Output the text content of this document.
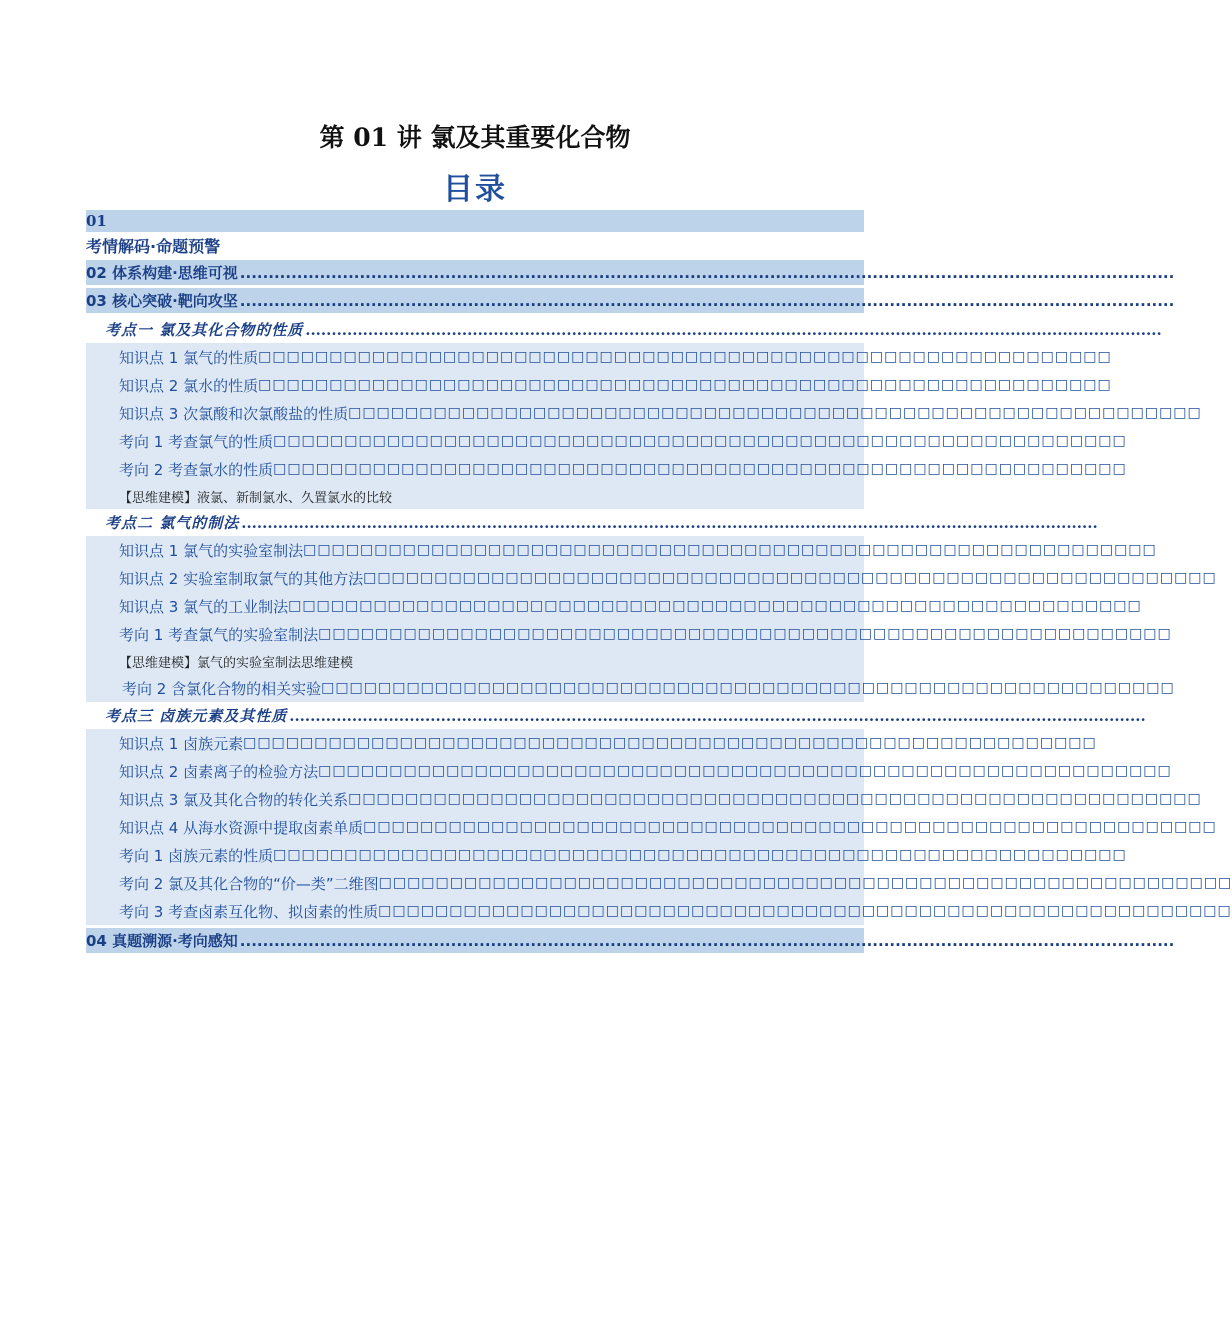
第 01 讲 氯及其重要化合物
目录
01
考情解码·命题预警
02 体系构建·思维可视 ....................................................................................................................................................................
03 核心突破·靶向攻坚 ....................................................................................................................................................................
考点一 氯及其化合物的性质 ....................................................................................................................................................................
知识点 1 氯气的性质 □□□□□□□□□□□□□□□□□□□□□□□□□□□□□□□□□□□□□□□□□□□□□□□□□□□□□□□□□□□□
知识点 2 氯水的性质 □□□□□□□□□□□□□□□□□□□□□□□□□□□□□□□□□□□□□□□□□□□□□□□□□□□□□□□□□□□□
知识点 3 次氯酸和次氯酸盐的性质 □□□□□□□□□□□□□□□□□□□□□□□□□□□□□□□□□□□□□□□□□□□□□□□□□□□□□□□□□□□□
考向 1 考查氯气的性质 □□□□□□□□□□□□□□□□□□□□□□□□□□□□□□□□□□□□□□□□□□□□□□□□□□□□□□□□□□□□
考向 2 考查氯水的性质 □□□□□□□□□□□□□□□□□□□□□□□□□□□□□□□□□□□□□□□□□□□□□□□□□□□□□□□□□□□□
【思维建模】液氯、新制氯水、久置氯水的比较
考点二 氯气的制法 ....................................................................................................................................................................
知识点 1 氯气的实验室制法 □□□□□□□□□□□□□□□□□□□□□□□□□□□□□□□□□□□□□□□□□□□□□□□□□□□□□□□□□□□□
知识点 2 实验室制取氯气的其他方法 □□□□□□□□□□□□□□□□□□□□□□□□□□□□□□□□□□□□□□□□□□□□□□□□□□□□□□□□□□□□
知识点 3 氯气的工业制法 □□□□□□□□□□□□□□□□□□□□□□□□□□□□□□□□□□□□□□□□□□□□□□□□□□□□□□□□□□□□
考向 1 考查氯气的实验室制法 □□□□□□□□□□□□□□□□□□□□□□□□□□□□□□□□□□□□□□□□□□□□□□□□□□□□□□□□□□□□
【思维建模】氯气的实验室制法思维建模
考向 2 含氯化合物的相关实验 □□□□□□□□□□□□□□□□□□□□□□□□□□□□□□□□□□□□□□□□□□□□□□□□□□□□□□□□□□□□
考点三 卤族元素及其性质 ....................................................................................................................................................................
知识点 1 卤族元素 □□□□□□□□□□□□□□□□□□□□□□□□□□□□□□□□□□□□□□□□□□□□□□□□□□□□□□□□□□□□
知识点 2 卤素离子的检验方法 □□□□□□□□□□□□□□□□□□□□□□□□□□□□□□□□□□□□□□□□□□□□□□□□□□□□□□□□□□□□
知识点 3 氯及其化合物的转化关系 □□□□□□□□□□□□□□□□□□□□□□□□□□□□□□□□□□□□□□□□□□□□□□□□□□□□□□□□□□□□
知识点 4 从海水资源中提取卤素单质 □□□□□□□□□□□□□□□□□□□□□□□□□□□□□□□□□□□□□□□□□□□□□□□□□□□□□□□□□□□□
考向 1 卤族元素的性质 □□□□□□□□□□□□□□□□□□□□□□□□□□□□□□□□□□□□□□□□□□□□□□□□□□□□□□□□□□□□
考向 2 氯及其化合物的“价—类”二维图 □□□□□□□□□□□□□□□□□□□□□□□□□□□□□□□□□□□□□□□□□□□□□□□□□□□□□□□□□□□□
考向 3 考查卤素互化物、拟卤素的性质 □□□□□□□□□□□□□□□□□□□□□□□□□□□□□□□□□□□□□□□□□□□□□□□□□□□□□□□□□□□□
04 真题溯源·考向感知 ....................................................................................................................................................................
